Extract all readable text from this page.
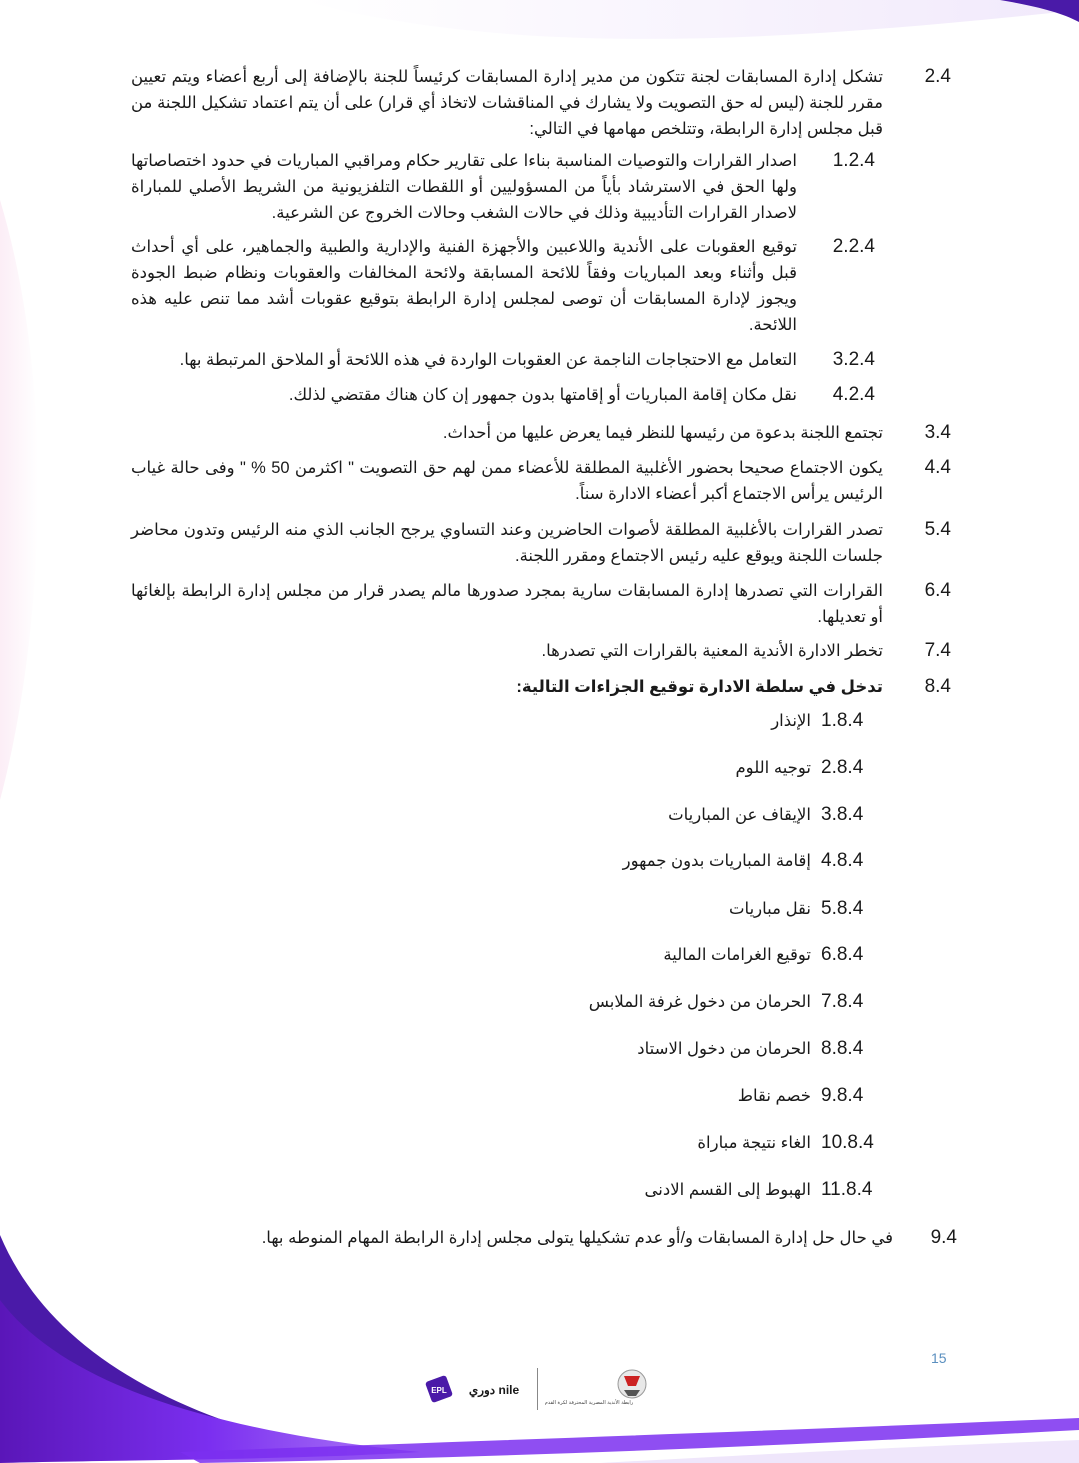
2.4
تشكل إدارة المسابقات لجنة تتكون من مدير إدارة المسابقات كرئيساً للجنة بالإضافة إلى أربع أعضاء ويتم تعيين مقرر للجنة (ليس له حق التصويت ولا يشارك في المناقشات لاتخاذ أي قرار) على أن يتم اعتماد تشكيل اللجنة من قبل مجلس إدارة الرابطة، وتتلخص مهامها في التالي:
1.2.4
اصدار القرارات والتوصيات المناسبة بناءا على تقارير حكام ومراقبي المباريات في حدود اختصاصاتها ولها الحق في الاسترشاد بأياً من المسؤوليين أو اللقطات التلفزيونية من الشريط الأصلي للمباراة لاصدار القرارات التأديبية وذلك في حالات الشغب وحالات الخروج عن الشرعية.
2.2.4
توقيع العقوبات على الأندية واللاعبين والأجهزة الفنية والإدارية والطبية والجماهير، على أي أحداث قبل وأثناء وبعد المباريات وفقاً للائحة المسابقة ولائحة المخالفات والعقوبات ونظام ضبط الجودة ويجوز لإدارة المسابقات أن توصى لمجلس إدارة الرابطة بتوقيع عقوبات أشد مما تنص عليه هذه اللائحة.
3.2.4
التعامل مع الاحتجاجات الناجمة عن العقوبات الواردة في هذه اللائحة أو الملاحق المرتبطة بها.
4.2.4
نقل مكان إقامة المباريات أو إقامتها بدون جمهور إن كان هناك مقتضي لذلك.
3.4
تجتمع اللجنة بدعوة من رئيسها للنظر فيما يعرض عليها من أحداث.
4.4
يكون الاجتماع صحيحا بحضور الأغلبية المطلقة للأعضاء ممن لهم حق التصويت " اكثرمن 50 % " وفى حالة غياب الرئيس يرأس الاجتماع أكبر أعضاء الادارة سناً.
5.4
تصدر القرارات بالأغلبية المطلقة لأصوات الحاضرين وعند التساوي يرجح الجانب الذي منه الرئيس وتدون محاضر جلسات اللجنة ويوقع عليه رئيس الاجتماع ومقرر اللجنة.
6.4
القرارات التي تصدرها إدارة المسابقات سارية بمجرد صدورها مالم يصدر قرار من مجلس إدارة الرابطة بإلغائها أو تعديلها.
7.4
تخطر الادارة الأندية المعنية بالقرارات التي تصدرها.
8.4
تدخل في سلطة الادارة توقيع الجزاءات التالية:
1.8.4الإنذار
2.8.4توجيه اللوم
3.8.4الإيقاف عن المباريات
4.8.4إقامة المباريات بدون جمهور
5.8.4نقل مباريات
6.8.4توقيع الغرامات المالية
7.8.4الحرمان من دخول غرفة الملابس
8.8.4الحرمان من دخول الاستاد
9.8.4خصم نقاط
10.8.4الغاء نتيجة مباراة
11.8.4الهبوط إلى القسم الادنى
9.4
في حال حل إدارة المسابقات و/أو عدم تشكيلها يتولى مجلس إدارة الرابطة المهام المنوطه بها.
15
EPL دوري nile
رابطة الأندية المصرية المحترفة لكرة القدم
